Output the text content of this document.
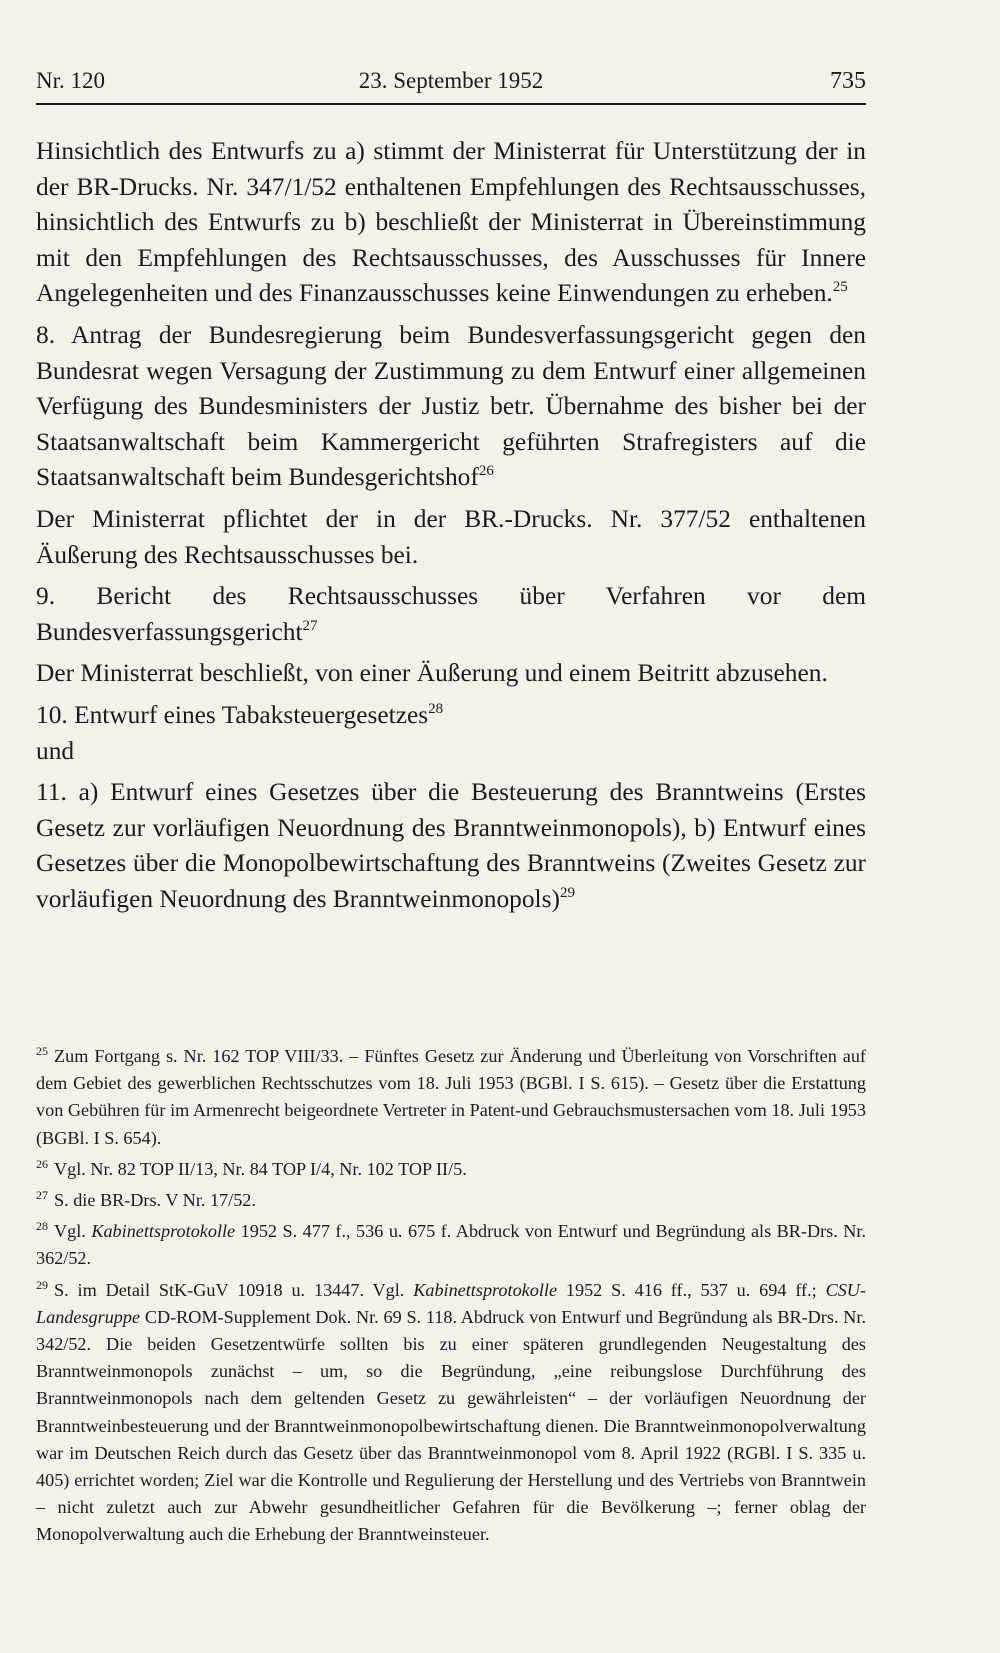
Nr. 120	23. September 1952	735

Hinsichtlich des Entwurfs zu a) stimmt der Ministerrat für Unterstützung der in der BR-Drucks. Nr. 347/1/52 enthaltenen Empfehlungen des Rechtsausschusses, hinsichtlich des Entwurfs zu b) beschließt der Ministerrat in Übereinstimmung mit den Empfehlungen des Rechtsausschusses, des Ausschusses für Innere Angelegenheiten und des Finanzausschusses keine Einwendungen zu erheben.$^{25}$

8. Antrag der Bundesregierung beim Bundesverfassungsgericht gegen den Bundesrat wegen Versagung der Zustimmung zu dem Entwurf einer allgemeinen Verfügung des Bundesministers der Justiz betr. Übernahme des bisher bei der Staatsanwaltschaft beim Kammergericht geführten Strafregisters auf die Staatsanwaltschaft beim Bundesgerichtshof$^{26}$

Der Ministerrat pflichtet der in der BR.-Drucks. Nr. 377/52 enthaltenen Äußerung des Rechtsausschusses bei.

9. Bericht des Rechtsausschusses über Verfahren vor dem Bundesverfassungsgericht$^{27}$

Der Ministerrat beschließt, von einer Äußerung und einem Beitritt abzusehen.

10. Entwurf eines Tabaksteuergesetzes$^{28}$

und

11. a) Entwurf eines Gesetzes über die Besteuerung des Branntweins (Erstes Gesetz zur vorläufigen Neuordnung des Branntweinmonopols), b) Entwurf eines Gesetzes über die Monopolbewirtschaftung des Branntweins (Zweites Gesetz zur vorläufigen Neuordnung des Branntweinmonopols)$^{29}$

$^{25}$ Zum Fortgang s. Nr. 162 TOP VIII/33. – Fünftes Gesetz zur Änderung und Überleitung von Vorschriften auf dem Gebiet des gewerblichen Rechtsschutzes vom 18. Juli 1953 (BGBl. I S. 615). – Gesetz über die Erstattung von Gebühren für im Armenrecht beigeordnete Vertreter in Patent-und Gebrauchsmustersachen vom 18. Juli 1953 (BGBl. I S. 654).

$^{26}$ Vgl. Nr. 82 TOP II/13, Nr. 84 TOP I/4, Nr. 102 TOP II/5.

$^{27}$ S. die BR-Drs. V Nr. 17/52.

$^{28}$ Vgl. Kabinettsprotokolle 1952 S. 477 f., 536 u. 675 f. Abdruck von Entwurf und Begründung als BR-Drs. Nr. 362/52.

$^{29}$ S. im Detail StK-GuV 10918 u. 13447. Vgl. Kabinettsprotokolle 1952 S. 416 ff., 537 u. 694 ff.; CSU-Landesgruppe CD-ROM-Supplement Dok. Nr. 69 S. 118. Abdruck von Entwurf und Begründung als BR-Drs. Nr. 342/52. Die beiden Gesetzentwürfe sollten bis zu einer späteren grundlegenden Neugestaltung des Branntweinmonopols zunächst – um, so die Begründung, „eine reibungslose Durchführung des Branntweinmonopols nach dem geltenden Gesetz zu gewährleisten“ – der vorläufigen Neuordnung der Branntweinbesteuerung und der Branntweinmonopolbewirtschaftung dienen. Die Branntweinmonopolverwaltung war im Deutschen Reich durch das Gesetz über das Branntweinmonopol vom 8. April 1922 (RGBl. I S. 335 u. 405) errichtet worden; Ziel war die Kontrolle und Regulierung der Herstellung und des Vertriebs von Branntwein – nicht zuletzt auch zur Abwehr gesundheitlicher Gefahren für die Bevölkerung –; ferner oblag der Monopolverwaltung auch die Erhebung der Branntweinsteuer.
